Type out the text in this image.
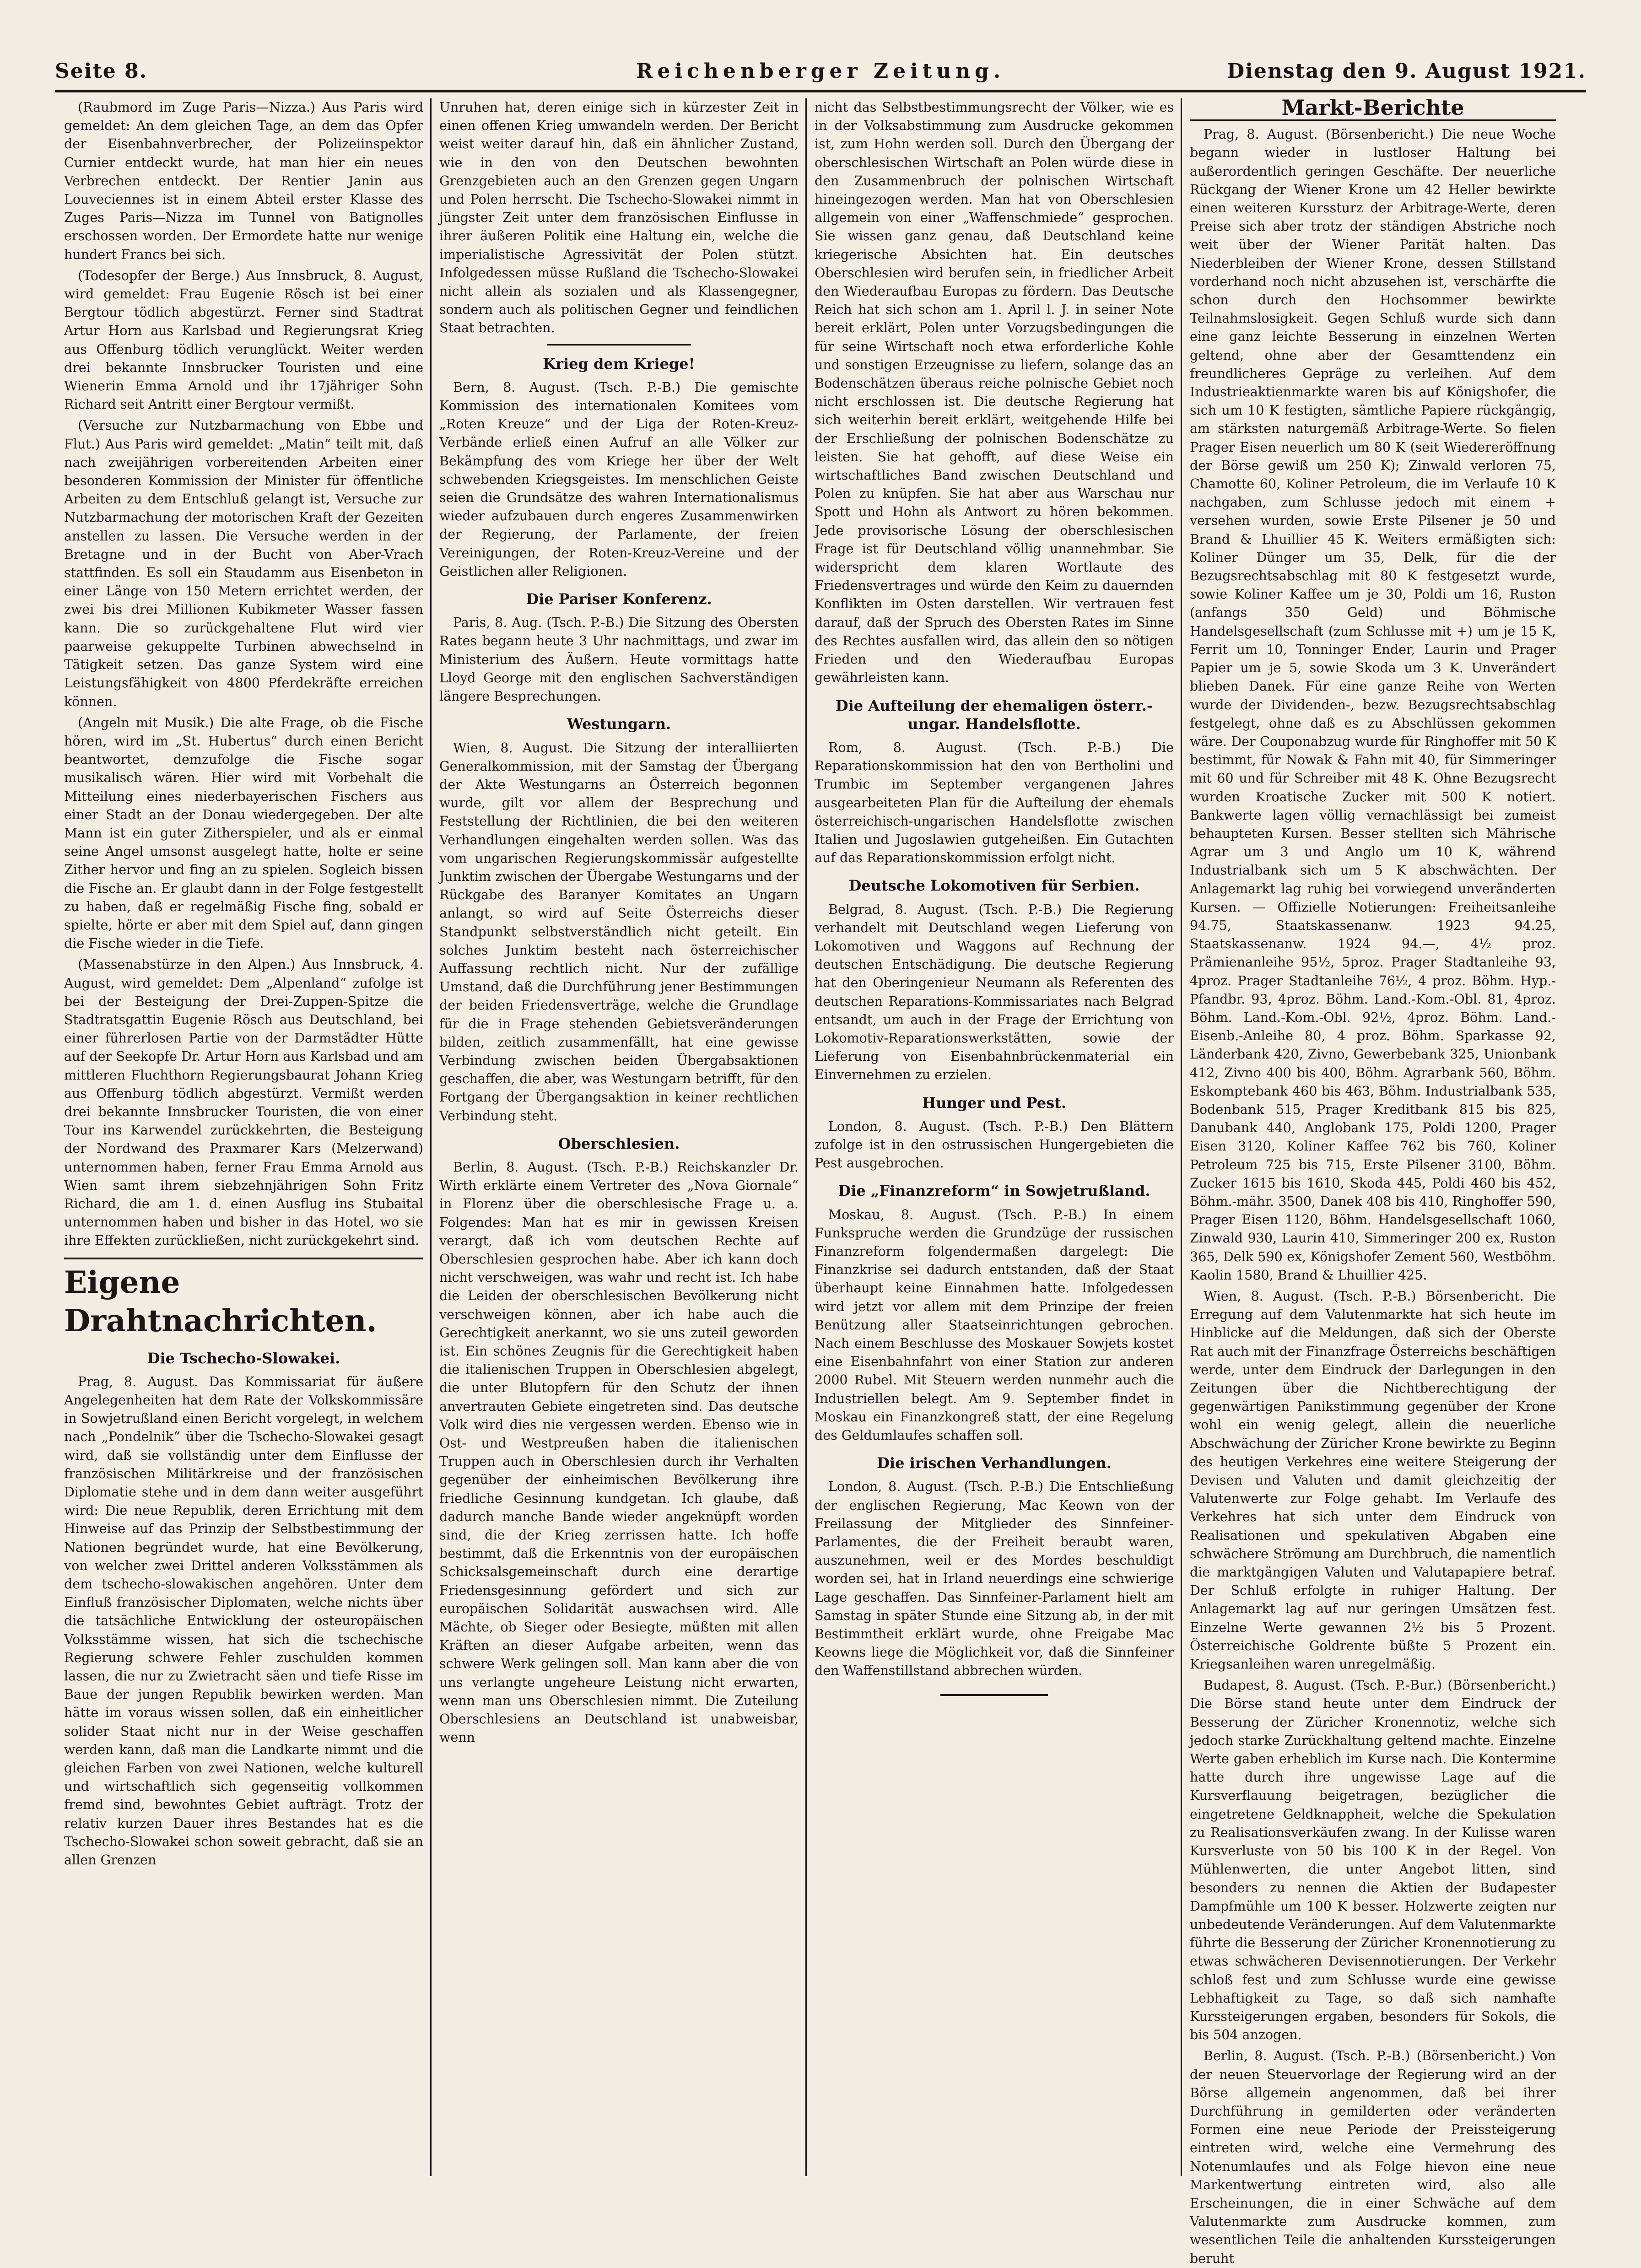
Seite 8.	Reichenberger Zeitung.	Dienstag den 9. August 1921.

(Raubmord im Zuge Paris—Nizza.) Aus Paris wird gemeldet: An dem gleichen Tage, an dem das Opfer der Eisenbahnverbrecher, der Polizeiinspektor Curnier entdeckt wurde, hat man hier ein neues Verbrechen entdeckt. Der Rentier Janin aus Louveciennes ist in einem Abteil erster Klasse des Zuges Paris—Nizza im Tunnel von Batignolles erschossen worden. Der Ermordete hatte nur wenige hundert Francs bei sich.

(Todesopfer der Berge.) Aus Innsbruck, 8. August, wird gemeldet: Frau Eugenie Rösch ist bei einer Bergtour tödlich abgestürzt. Ferner sind Stadtrat Artur Horn aus Karlsbad und Regierungsrat Krieg aus Offenburg tödlich verunglückt. Weiter werden drei bekannte Innsbrucker Touristen und eine Wienerin Emma Arnold und ihr 17jähriger Sohn Richard seit Antritt einer Bergtour vermißt.

(Versuche zur Nutzbarmachung von Ebbe und Flut.) Aus Paris wird gemeldet: „Matin“ teilt mit, daß nach zweijährigen vorbereitenden Arbeiten einer besonderen Kommission der Minister für öffentliche Arbeiten zu dem Entschluß gelangt ist, Versuche zur Nutzbarmachung der motorischen Kraft der Gezeiten anstellen zu lassen. Die Versuche werden in der Bretagne und in der Bucht von Aber-Vrach stattfinden. Es soll ein Staudamm aus Eisenbeton in einer Länge von 150 Metern errichtet werden, der zwei bis drei Millionen Kubikmeter Wasser fassen kann. Die so zurückgehaltene Flut wird vier paarweise gekuppelte Turbinen abwechselnd in Tätigkeit setzen. Das ganze System wird eine Leistungsfähigkeit von 4800 Pferdekräfte erreichen können.

(Angeln mit Musik.) Die alte Frage, ob die Fische hören, wird im „St. Hubertus“ durch einen Bericht beantwortet, demzufolge die Fische sogar musikalisch wären. Hier wird mit Vorbehalt die Mitteilung eines niederbayerischen Fischers aus einer Stadt an der Donau wiedergegeben. Der alte Mann ist ein guter Zitherspieler, und als er einmal seine Angel umsonst ausgelegt hatte, holte er seine Zither hervor und fing an zu spielen. Sogleich bissen die Fische an. Er glaubt dann in der Folge festgestellt zu haben, daß er regelmäßig Fische fing, sobald er spielte, hörte er aber mit dem Spiel auf, dann gingen die Fische wieder in die Tiefe.

(Massenabstürze in den Alpen.) Aus Innsbruck, 4. August, wird gemeldet: Dem „Alpenland“ zufolge ist bei der Besteigung der Drei-Zuppen-Spitze die Stadtratsgattin Eugenie Rösch aus Deutschland, bei einer führerlosen Partie von der Darmstädter Hütte auf der Seekopfe Dr. Artur Horn aus Karlsbad und am mittleren Fluchthorn Regierungsbaurat Johann Krieg aus Offenburg tödlich abgestürzt. Vermißt werden drei bekannte Innsbrucker Touristen, die von einer Tour ins Karwendel zurückkehrten, die Besteigung der Nordwand des Praxmarer Kars (Melzerwand) unternommen haben, ferner Frau Emma Arnold aus Wien samt ihrem siebzehnjährigen Sohn Fritz Richard, die am 1. d. einen Ausflug ins Stubaital unternommen haben und bisher in das Hotel, wo sie ihre Effekten zurückließen, nicht zurückgekehrt sind.

Eigene Drahtnachrichten.
Die Tschecho-Slowakei.

Prag, 8. August. Das Kommissariat für äußere Angelegenheiten hat dem Rate der Volkskommissäre in Sowjetrußland einen Bericht vorgelegt, in welchem nach „Pondelnik“ über die Tschecho-Slowakei gesagt wird, daß sie vollständig unter dem Einflusse der französischen Militärkreise und der französischen Diplomatie stehe und in dem dann weiter ausgeführt wird: Die neue Republik, deren Errichtung mit dem Hinweise auf das Prinzip der Selbstbestimmung der Nationen begründet wurde, hat eine Bevölkerung, von welcher zwei Drittel anderen Volksstämmen als dem tschecho-slowakischen angehören. Unter dem Einfluß französischer Diplomaten, welche nichts über die tatsächliche Entwicklung der osteuropäischen Volksstämme wissen, hat sich die tschechische Regierung schwere Fehler zuschulden kommen lassen, die nur zu Zwietracht säen und tiefe Risse im Baue der jungen Republik bewirken werden. Man hätte im voraus wissen sollen, daß ein einheitlicher solider Staat nicht nur in der Weise geschaffen werden kann, daß man die Landkarte nimmt und die gleichen Farben von zwei Nationen, welche kulturell und wirtschaftlich sich gegenseitig vollkommen fremd sind, bewohntes Gebiet aufträgt. Trotz der relativ kurzen Dauer ihres Bestandes hat es die Tschecho-Slowakei schon soweit gebracht, daß sie an allen Grenzen

Unruhen hat, deren einige sich in kürzester Zeit in einen offenen Krieg umwandeln werden. Der Bericht weist weiter darauf hin, daß ein ähnlicher Zustand, wie in den von den Deutschen bewohnten Grenzgebieten auch an den Grenzen gegen Ungarn und Polen herrscht. Die Tschecho-Slowakei nimmt in jüngster Zeit unter dem französischen Einflusse in ihrer äußeren Politik eine Haltung ein, welche die imperialistische Agressivität der Polen stützt. Infolgedessen müsse Rußland die Tschecho-Slowakei nicht allein als sozialen und als Klassengegner, sondern auch als politischen Gegner und feindlichen Staat betrachten.

Krieg dem Kriege!

Bern, 8. August. (Tsch. P.-B.) Die gemischte Kommission des internationalen Komitees vom „Roten Kreuze“ und der Liga der Roten-Kreuz-Verbände erließ einen Aufruf an alle Völker zur Bekämpfung des vom Kriege her über der Welt schwebenden Kriegsgeistes. Im menschlichen Geiste seien die Grundsätze des wahren Internationalismus wieder aufzubauen durch engeres Zusammenwirken der Regierung, der Parlamente, der freien Vereinigungen, der Roten-Kreuz-Vereine und der Geistlichen aller Religionen.

Die Pariser Konferenz.

Paris, 8. Aug. (Tsch. P.-B.) Die Sitzung des Obersten Rates begann heute 3 Uhr nachmittags, und zwar im Ministerium des Äußern. Heute vormittags hatte Lloyd George mit den englischen Sachverständigen längere Besprechungen.

Westungarn.

Wien, 8. August. Die Sitzung der interalliierten Generalkommission, mit der Samstag der Übergang der Akte Westungarns an Österreich begonnen wurde, gilt vor allem der Besprechung und Feststellung der Richtlinien, die bei den weiteren Verhandlungen eingehalten werden sollen. Was das vom ungarischen Regierungskommissär aufgestellte Junktim zwischen der Übergabe Westungarns und der Rückgabe des Baranyer Komitates an Ungarn anlangt, so wird auf Seite Österreichs dieser Standpunkt selbstverständlich nicht geteilt. Ein solches Junktim besteht nach österreichischer Auffassung rechtlich nicht. Nur der zufällige Umstand, daß die Durchführung jener Bestimmungen der beiden Friedensverträge, welche die Grundlage für die in Frage stehenden Gebietsveränderungen bilden, zeitlich zusammenfällt, hat eine gewisse Verbindung zwischen beiden Übergabsaktionen geschaffen, die aber, was Westungarn betrifft, für den Fortgang der Übergangsaktion in keiner rechtlichen Verbindung steht.

Oberschlesien.

Berlin, 8. August. (Tsch. P.-B.) Reichskanzler Dr. Wirth erklärte einem Vertreter des „Nova Giornale“ in Florenz über die oberschlesische Frage u. a. Folgendes: Man hat es mir in gewissen Kreisen verargt, daß ich vom deutschen Rechte auf Oberschlesien gesprochen habe. Aber ich kann doch nicht verschweigen, was wahr und recht ist. Ich habe die Leiden der oberschlesischen Bevölkerung nicht verschweigen können, aber ich habe auch die Gerechtigkeit anerkannt, wo sie uns zuteil geworden ist. Ein schönes Zeugnis für die Gerechtigkeit haben die italienischen Truppen in Oberschlesien abgelegt, die unter Blutopfern für den Schutz der ihnen anvertrauten Gebiete eingetreten sind. Das deutsche Volk wird dies nie vergessen werden. Ebenso wie in Ost- und Westpreußen haben die italienischen Truppen auch in Oberschlesien durch ihr Verhalten gegenüber der einheimischen Bevölkerung ihre friedliche Gesinnung kundgetan. Ich glaube, daß dadurch manche Bande wieder angeknüpft worden sind, die der Krieg zerrissen hatte. Ich hoffe bestimmt, daß die Erkenntnis von der europäischen Schicksalsgemeinschaft durch eine derartige Friedensgesinnung gefördert und sich zur europäischen Solidarität auswachsen wird. Alle Mächte, ob Sieger oder Besiegte, müßten mit allen Kräften an dieser Aufgabe arbeiten, wenn das schwere Werk gelingen soll. Man kann aber die von uns verlangte ungeheure Leistung nicht erwarten, wenn man uns Oberschlesien nimmt. Die Zuteilung Oberschlesiens an Deutschland ist unabweisbar, wenn

nicht das Selbstbestimmungsrecht der Völker, wie es in der Volksabstimmung zum Ausdrucke gekommen ist, zum Hohn werden soll. Durch den Übergang der oberschlesischen Wirtschaft an Polen würde diese in den Zusammenbruch der polnischen Wirtschaft hineingezogen werden. Man hat von Oberschlesien allgemein von einer „Waffenschmiede“ gesprochen. Sie wissen ganz genau, daß Deutschland keine kriegerische Absichten hat. Ein deutsches Oberschlesien wird berufen sein, in friedlicher Arbeit den Wiederaufbau Europas zu fördern. Das Deutsche Reich hat sich schon am 1. April l. J. in seiner Note bereit erklärt, Polen unter Vorzugsbedingungen die für seine Wirtschaft noch etwa erforderliche Kohle und sonstigen Erzeugnisse zu liefern, solange das an Bodenschätzen überaus reiche polnische Gebiet noch nicht erschlossen ist. Die deutsche Regierung hat sich weiterhin bereit erklärt, weitgehende Hilfe bei der Erschließung der polnischen Bodenschätze zu leisten. Sie hat gehofft, auf diese Weise ein wirtschaftliches Band zwischen Deutschland und Polen zu knüpfen. Sie hat aber aus Warschau nur Spott und Hohn als Antwort zu hören bekommen. Jede provisorische Lösung der oberschlesischen Frage ist für Deutschland völlig unannehmbar. Sie widerspricht dem klaren Wortlaute des Friedensvertrages und würde den Keim zu dauernden Konflikten im Osten darstellen. Wir vertrauen fest darauf, daß der Spruch des Obersten Rates im Sinne des Rechtes ausfallen wird, das allein den so nötigen Frieden und den Wiederaufbau Europas gewährleisten kann.

Die Aufteilung der ehemaligen österr.-ungar. Handelsflotte.

Rom, 8. August. (Tsch. P.-B.) Die Reparationskommission hat den von Bertholini und Trumbic im September vergangenen Jahres ausgearbeiteten Plan für die Aufteilung der ehemals österreichisch-ungarischen Handelsflotte zwischen Italien und Jugoslawien gutgeheißen. Ein Gutachten auf das Reparationskommission erfolgt nicht.

Deutsche Lokomotiven für Serbien.

Belgrad, 8. August. (Tsch. P.-B.) Die Regierung verhandelt mit Deutschland wegen Lieferung von Lokomotiven und Waggons auf Rechnung der deutschen Entschädigung. Die deutsche Regierung hat den Oberingenieur Neumann als Referenten des deutschen Reparations-Kommissariates nach Belgrad entsandt, um auch in der Frage der Errichtung von Lokomotiv-Reparationswerkstätten, sowie der Lieferung von Eisenbahnbrückenmaterial ein Einvernehmen zu erzielen.

Hunger und Pest.

London, 8. August. (Tsch. P.-B.) Den Blättern zufolge ist in den ostrussischen Hungergebieten die Pest ausgebrochen.

Die „Finanzreform“ in Sowjetrußland.

Moskau, 8. August. (Tsch. P.-B.) In einem Funkspruche werden die Grundzüge der russischen Finanzreform folgendermaßen dargelegt: Die Finanzkrise sei dadurch entstanden, daß der Staat überhaupt keine Einnahmen hatte. Infolgedessen wird jetzt vor allem mit dem Prinzipe der freien Benützung aller Staatseinrichtungen gebrochen. Nach einem Beschlusse des Moskauer Sowjets kostet eine Eisenbahnfahrt von einer Station zur anderen 2000 Rubel. Mit Steuern werden nunmehr auch die Industriellen belegt. Am 9. September findet in Moskau ein Finanzkongreß statt, der eine Regelung des Geldumlaufes schaffen soll.

Die irischen Verhandlungen.

London, 8. August. (Tsch. P.-B.) Die Entschließung der englischen Regierung, Mac Keown von der Freilassung der Mitglieder des Sinnfeiner-Parlamentes, die der Freiheit beraubt waren, auszunehmen, weil er des Mordes beschuldigt worden sei, hat in Irland neuerdings eine schwierige Lage geschaffen. Das Sinnfeiner-Parlament hielt am Samstag in später Stunde eine Sitzung ab, in der mit Bestimmtheit erklärt wurde, ohne Freigabe Mac Keowns liege die Möglichkeit vor, daß die Sinnfeiner den Waffenstillstand abbrechen würden.

Markt-Berichte

Prag, 8. August. (Börsenbericht.) Die neue Woche begann wieder in lustloser Haltung bei außerordentlich geringen Geschäfte. Der neuerliche Rückgang der Wiener Krone um 42 Heller bewirkte einen weiteren Kurssturz der Arbitrage-Werte, deren Preise sich aber trotz der ständigen Abstriche noch weit über der Wiener Parität halten. Das Niederbleiben der Wiener Krone, dessen Stillstand vorderhand noch nicht abzusehen ist, verschärfte die schon durch den Hochsommer bewirkte Teilnahmslosigkeit. Gegen Schluß wurde sich dann eine ganz leichte Besserung in einzelnen Werten geltend, ohne aber der Gesamttendenz ein freundlicheres Gepräge zu verleihen. Auf dem Industrieaktienmarkte waren bis auf Königshofer, die sich um 10 K festigten, sämtliche Papiere rückgängig, am stärksten naturgemäß Arbitrage-Werte. So fielen Prager Eisen neuerlich um 80 K (seit Wiedereröffnung der Börse gewiß um 250 K); Zinwald verloren 75, Chamotte 60, Koliner Petroleum, die im Verlaufe 10 K nachgaben, zum Schlusse jedoch mit einem + versehen wurden, sowie Erste Pilsener je 50 und Brand & Lhuillier 45 K. Weiters ermäßigten sich: Koliner Dünger um 35, Delk, für die der Bezugsrechtsabschlag mit 80 K festgesetzt wurde, sowie Koliner Kaffee um je 30, Poldi um 16, Ruston (anfangs 350 Geld) und Böhmische Handelsgesellschaft (zum Schlusse mit +) um je 15 K, Ferrit um 10, Tonninger Ender, Laurin und Prager Papier um je 5, sowie Skoda um 3 K. Unverändert blieben Danek. Für eine ganze Reihe von Werten wurde der Dividenden-, bezw. Bezugsrechtsabschlag festgelegt, ohne daß es zu Abschlüssen gekommen wäre. Der Couponabzug wurde für Ringhoffer mit 50 K bestimmt, für Nowak & Fahn mit 40, für Simmeringer mit 60 und für Schreiber mit 48 K. Ohne Bezugsrecht wurden Kroatische Zucker mit 500 K notiert. Bankwerte lagen völlig vernachlässigt bei zumeist behaupteten Kursen. Besser stellten sich Mährische Agrar um 3 und Anglo um 10 K, während Industrialbank sich um 5 K abschwächten. Der Anlagemarkt lag ruhig bei vorwiegend unveränderten Kursen. — Offizielle Notierungen: Freiheitsanleihe 94.75, Staatskassenanw. 1923 94.25, Staatskassenanw. 1924 94.—, 4½ proz. Prämienanleihe 95½, 5proz. Prager Stadtanleihe 93, 4proz. Prager Stadtanleihe 76½, 4 proz. Böhm. Hyp.-Pfandbr. 93, 4proz. Böhm. Land.-Kom.-Obl. 81, 4proz. Böhm. Land.-Kom.-Obl. 92½, 4proz. Böhm. Land.-Eisenb.-Anleihe 80, 4 proz. Böhm. Sparkasse 92, Länderbank 420, Zivno, Gewerbebank 325, Unionbank 412, Zivno 400 bis 400, Böhm. Agrarbank 560, Böhm. Eskomptebank 460 bis 463, Böhm. Industrialbank 535, Bodenbank 515, Prager Kreditbank 815 bis 825, Danubank 440, Anglobank 175, Poldi 1200, Prager Eisen 3120, Koliner Kaffee 762 bis 760, Koliner Petroleum 725 bis 715, Erste Pilsener 3100, Böhm. Zucker 1615 bis 1610, Skoda 445, Poldi 460 bis 452, Böhm.-mähr. 3500, Danek 408 bis 410, Ringhoffer 590, Prager Eisen 1120, Böhm. Handelsgesellschaft 1060, Zinwald 930, Laurin 410, Simmeringer 200 ex, Ruston 365, Delk 590 ex, Königshofer Zement 560, Westböhm. Kaolin 1580, Brand & Lhuillier 425.

Wien, 8. August. (Tsch. P.-B.) Börsenbericht. Die Erregung auf dem Valutenmarkte hat sich heute im Hinblicke auf die Meldungen, daß sich der Oberste Rat auch mit der Finanzfrage Österreichs beschäftigen werde, unter dem Eindruck der Darlegungen in den Zeitungen über die Nichtberechtigung der gegenwärtigen Panikstimmung gegenüber der Krone wohl ein wenig gelegt, allein die neuerliche Abschwächung der Züricher Krone bewirkte zu Beginn des heutigen Verkehres eine weitere Steigerung der Devisen und Valuten und damit gleichzeitig der Valutenwerte zur Folge gehabt. Im Verlaufe des Verkehres hat sich unter dem Eindruck von Realisationen und spekulativen Abgaben eine schwächere Strömung am Durchbruch, die namentlich die marktgängigen Valuten und Valutapapiere betraf. Der Schluß erfolgte in ruhiger Haltung. Der Anlagemarkt lag auf nur geringen Umsätzen fest. Einzelne Werte gewannen 2½ bis 5 Prozent. Österreichische Goldrente büßte 5 Prozent ein. Kriegsanleihen waren unregelmäßig.

Budapest, 8. August. (Tsch. P.-Bur.) (Börsenbericht.) Die Börse stand heute unter dem Eindruck der Besserung der Züricher Kronennotiz, welche sich jedoch starke Zurückhaltung geltend machte. Einzelne Werte gaben erheblich im Kurse nach. Die Kontermine hatte durch ihre ungewisse Lage auf die Kursverflauung beigetragen, bezüglicher die eingetretene Geldknappheit, welche die Spekulation zu Realisationsverkäufen zwang. In der Kulisse waren Kursverluste von 50 bis 100 K in der Regel. Von Mühlenwerten, die unter Angebot litten, sind besonders zu nennen die Aktien der Budapester Dampfmühle um 100 K besser. Holzwerte zeigten nur unbedeutende Veränderungen. Auf dem Valutenmarkte führte die Besserung der Züricher Kronennotierung zu etwas schwächeren Devisennotierungen. Der Verkehr schloß fest und zum Schlusse wurde eine gewisse Lebhaftigkeit zu Tage, so daß sich namhafte Kurssteigerungen ergaben, besonders für Sokols, die bis 504 anzogen.

Berlin, 8. August. (Tsch. P.-B.) (Börsenbericht.) Von der neuen Steuervorlage der Regierung wird an der Börse allgemein angenommen, daß bei ihrer Durchführung in gemilderten oder veränderten Formen eine neue Periode der Preissteigerung eintreten wird, welche eine Vermehrung des Notenumlaufes und als Folge hievon eine neue Markentwertung eintreten wird, also alle Erscheinungen, die in einer Schwäche auf dem Valutenmarkte zum Ausdrucke kommen, zum wesentlichen Teile die anhaltenden Kurssteigerungen beruht
